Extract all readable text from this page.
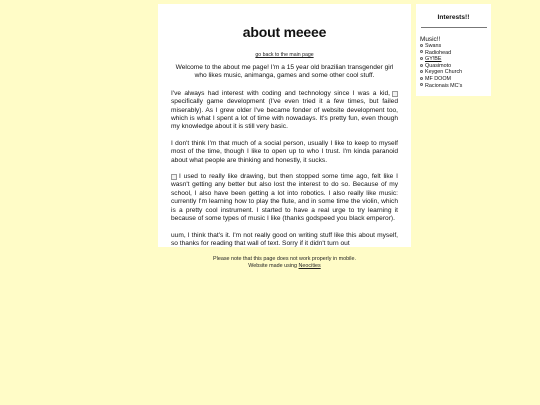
about meeee
go back to the main page

Welcome to the about me page! I'm a 15 year old brazilian transgender girl who likes music, animanga, games and some other cool stuff.

I've always had interest with coding and technology since I was a kid, specifically game development (I've even tried it a few times, but failed miserably). As I grew older I've became fonder of website development too, which is what I spent a lot of time with nowadays. It's pretty fun, even though my knowledge about it is still very basic.

I don't think I'm that much of a social person, usually I like to keep to myself most of the time, though I like to open up to who I trust. I'm kinda paranoid about what people are thinking and honestly, it sucks.

I used to really like drawing, but then stopped some time ago, felt like I wasn't getting any better but also lost the interest to do so. Because of my school, I also have been getting a lot into robotics. I also really like music: currently I'm learning how to play the flute, and in some time the violin, which is a pretty cool instrument. I started to have a real urge to try learning it because of some types of music I like (thanks godspeed you black emperor).

uum, I think that's it. I'm not really good on writing stuff like this about myself, so thanks for reading that wall of text. Sorry if it didn't turn out

Interests!!
Music!!
Swans
Radiohead
GY!BE
Quasimoto
Keygen Church
MF DOOM
Racionais MC's
Please note that this page does not work properly in mobile.
Website made using Neocities
